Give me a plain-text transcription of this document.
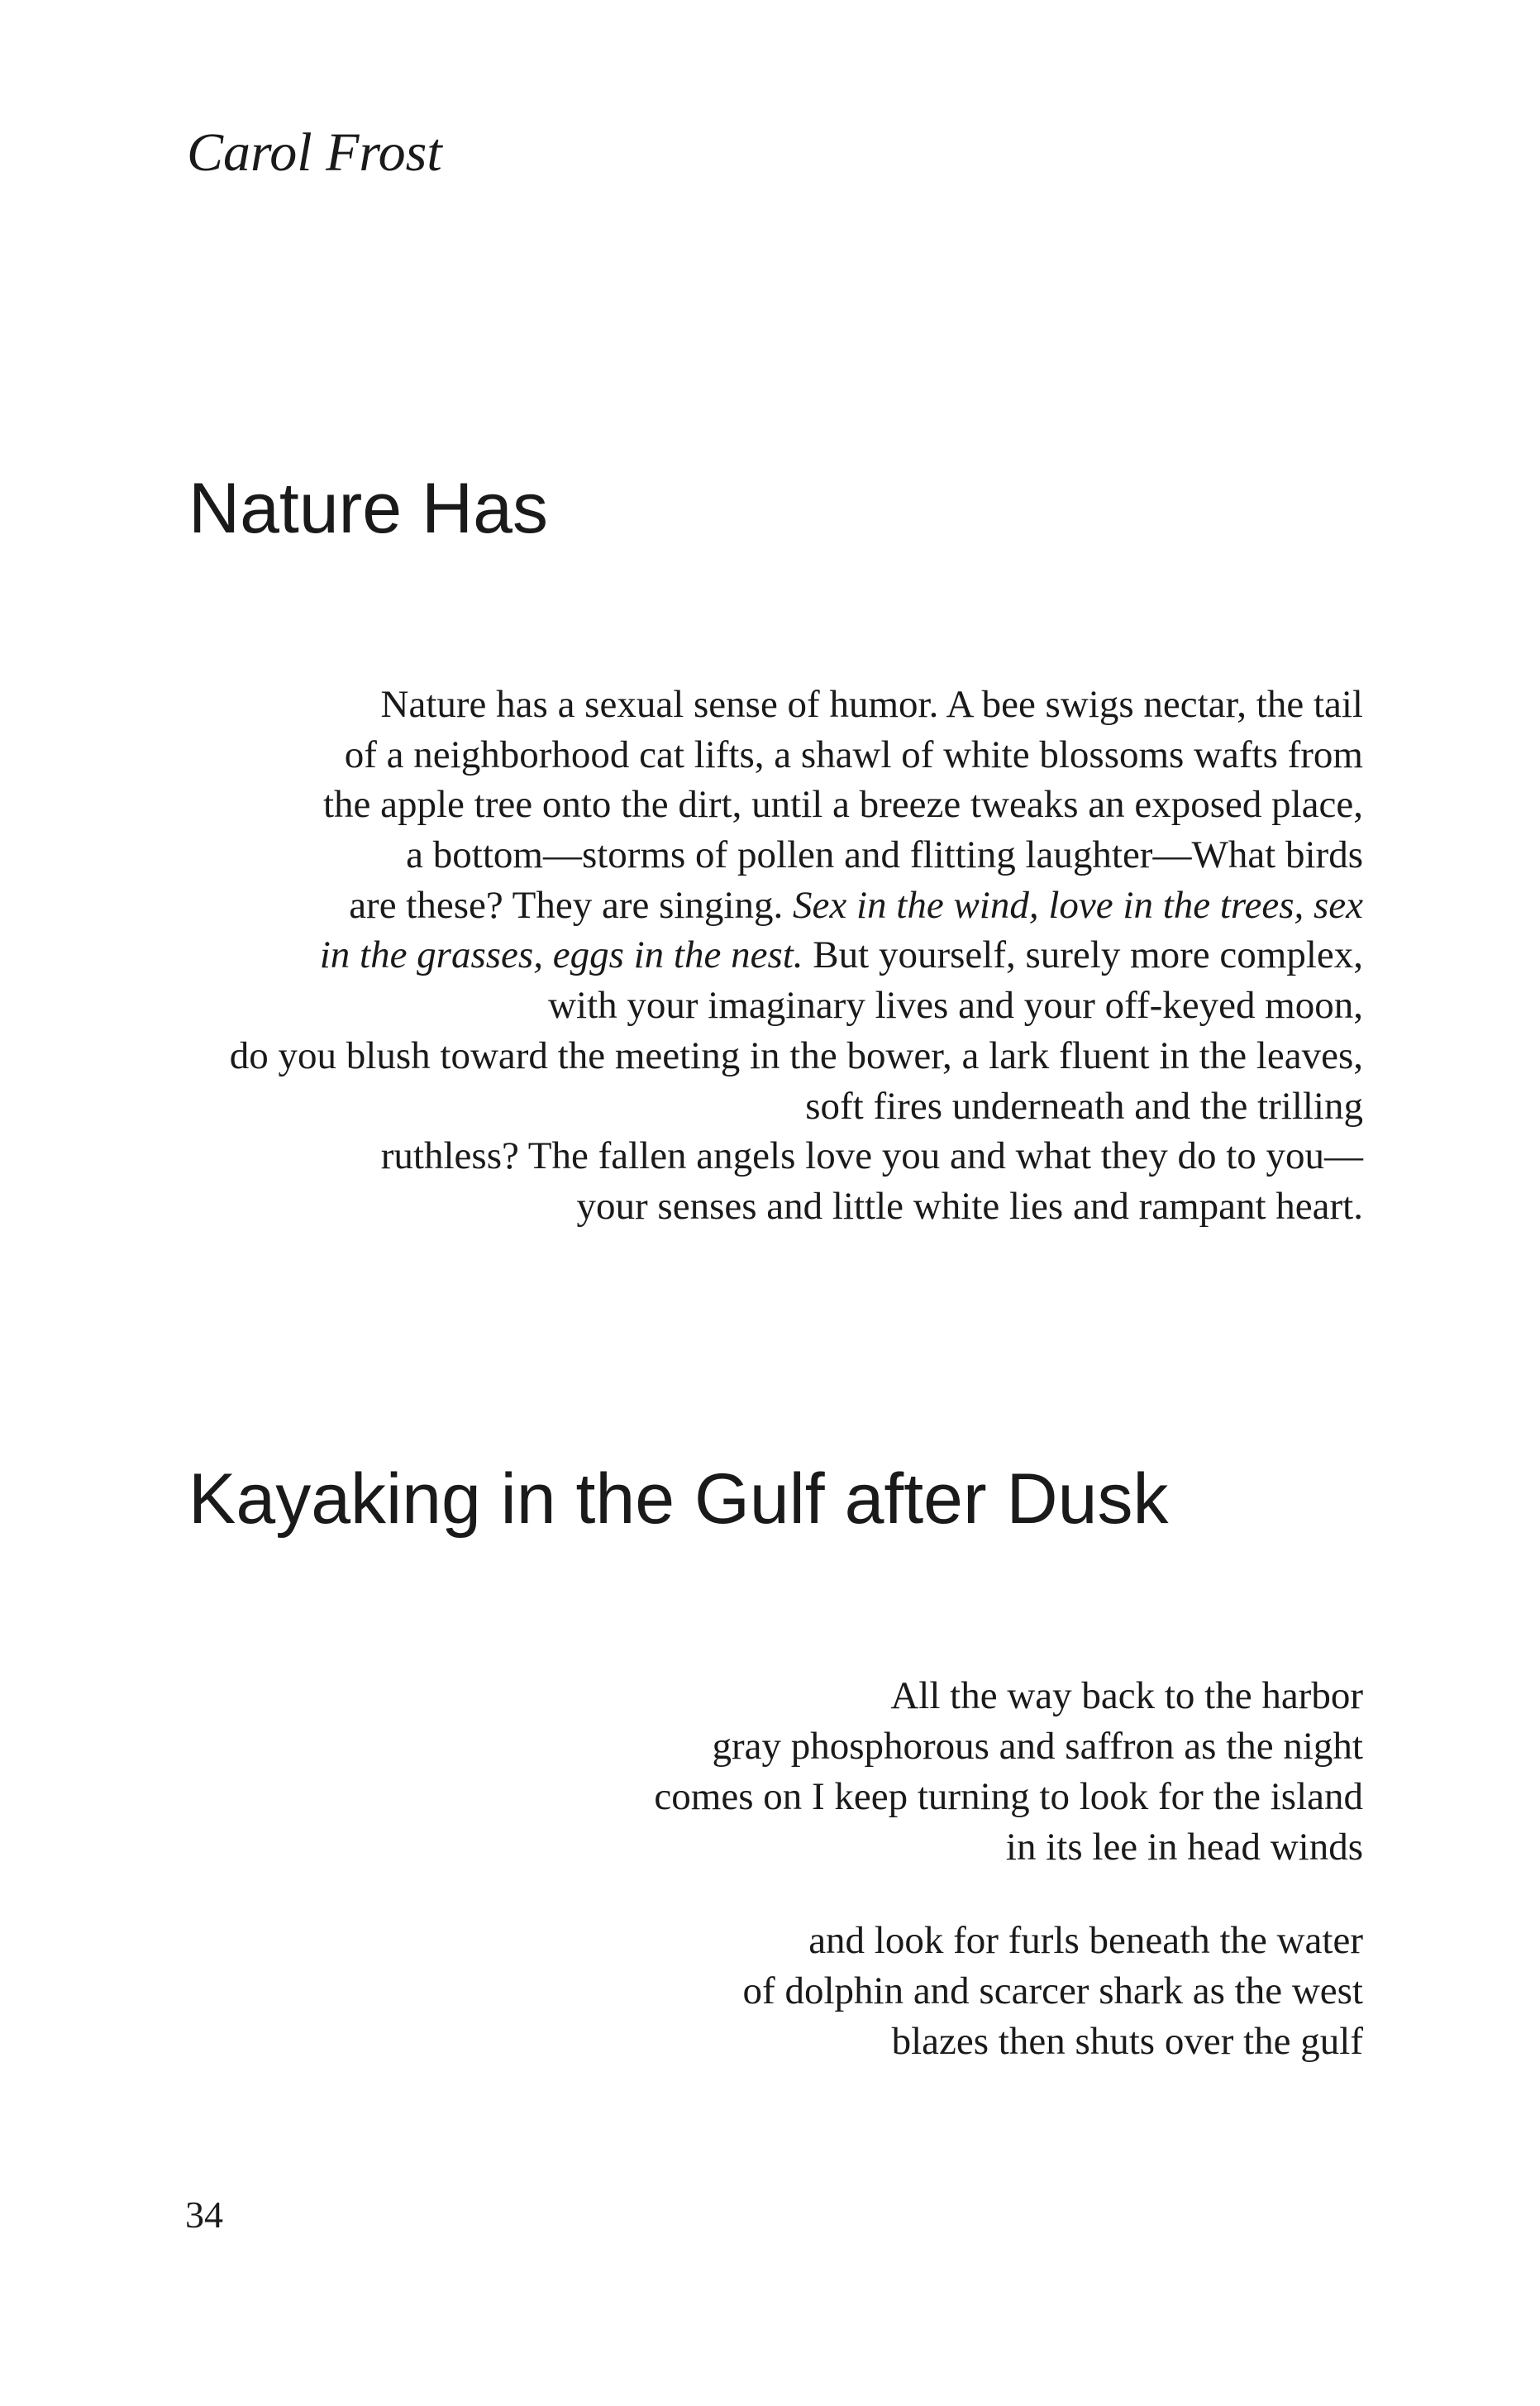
Carol Frost

Nature Has
Nature has a sexual sense of humor. A bee swigs nectar, the tail
of a neighborhood cat lifts, a shawl of white blossoms wafts from
the apple tree onto the dirt, until a breeze tweaks an exposed place,
a bottom—storms of pollen and flitting laughter—What birds
are these? They are singing. Sex in the wind, love in the trees, sex
in the grasses, eggs in the nest. But yourself, surely more complex,
with your imaginary lives and your off-keyed moon,
do you blush toward the meeting in the bower, a lark fluent in the leaves,
soft fires underneath and the trilling
ruthless? The fallen angels love you and what they do to you—
your senses and little white lies and rampant heart.
Kayaking in the Gulf after Dusk
All the way back to the harbor
gray phosphorous and saffron as the night
comes on I keep turning to look for the island
in its lee in head winds
and look for furls beneath the water
of dolphin and scarcer shark as the west
blazes then shuts over the gulf

34
